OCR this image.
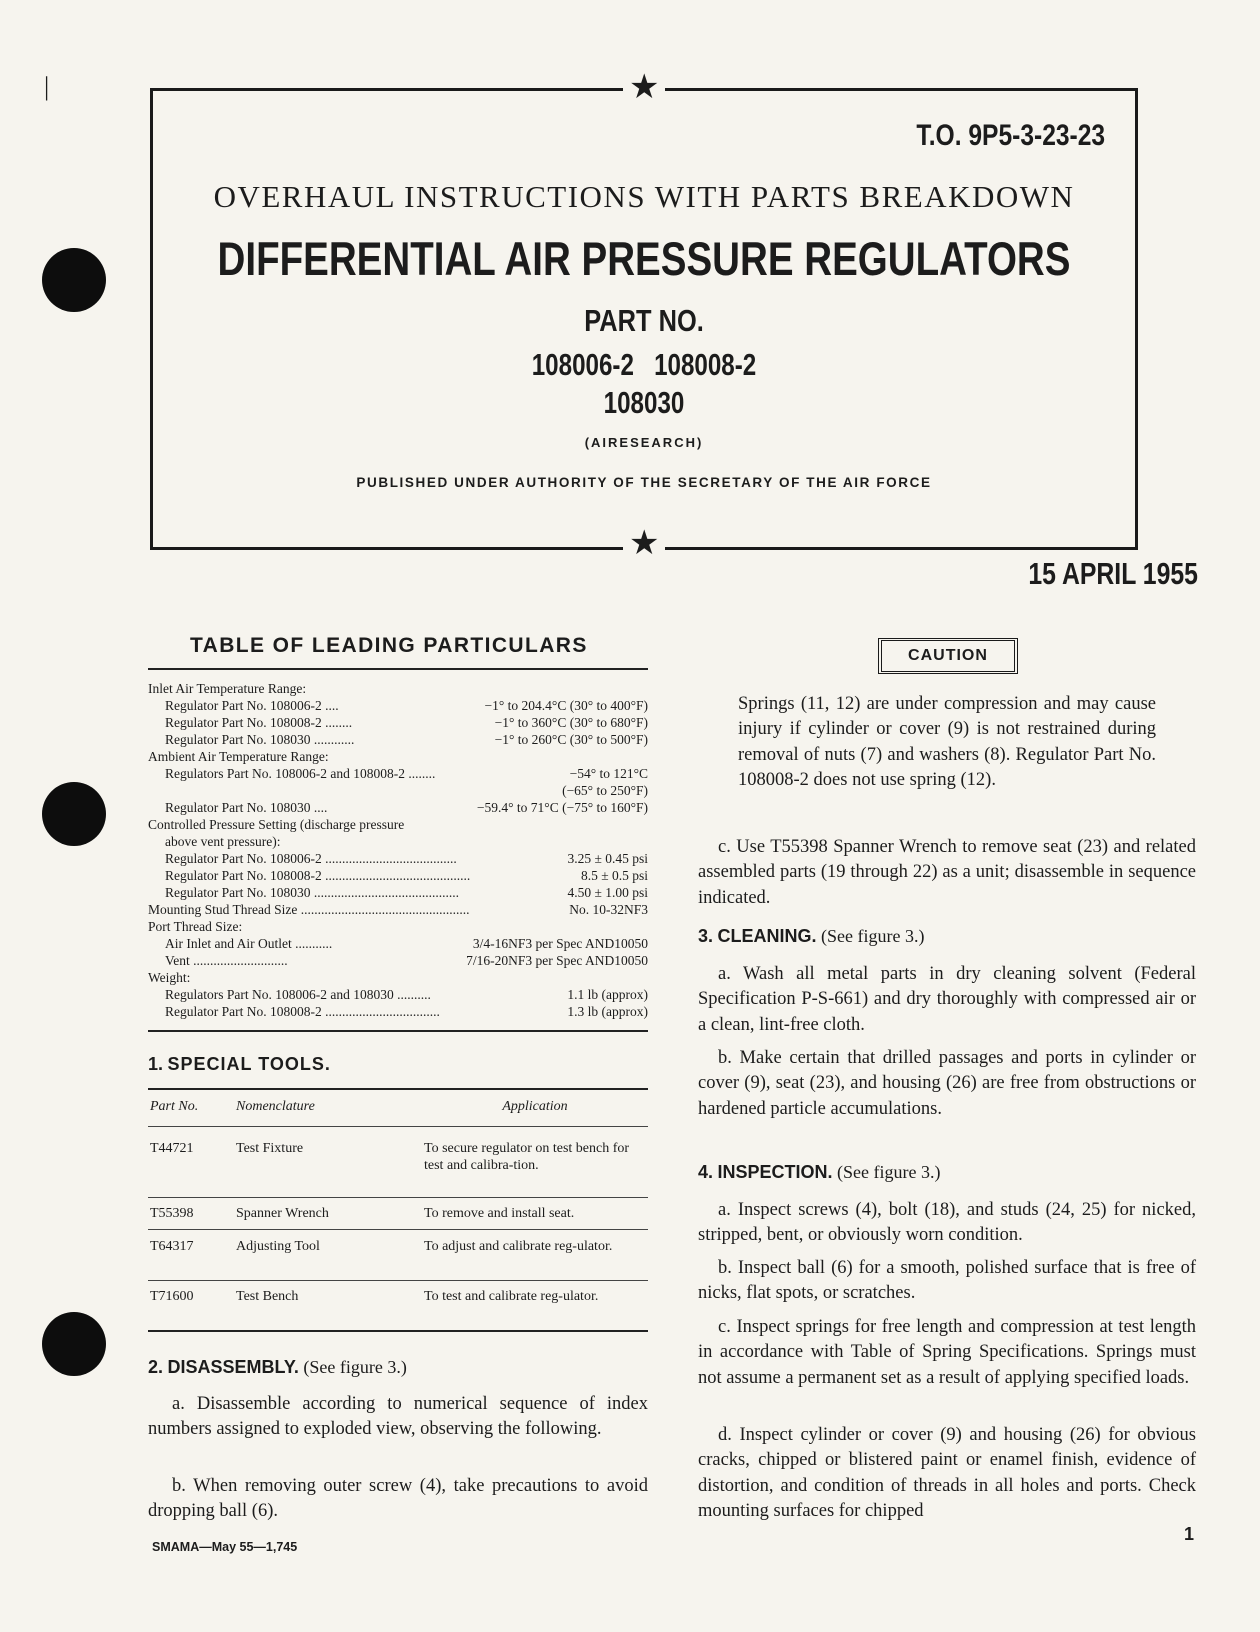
|	★
★
T.O. 9P5-3-23-23
OVERHAUL INSTRUCTIONS WITH PARTS BREAKDOWN
DIFFERENTIAL AIR PRESSURE REGULATORS
PART NO.
108006-2   108008-2
108030
(AIRESEARCH)
PUBLISHED UNDER AUTHORITY OF THE SECRETARY OF THE AIR FORCE
15 APRIL 1955
TABLE OF LEADING PARTICULARS
Inlet Air Temperature Range:
Regulator Part No. 108006-2 ....	−1° to 204.4°C (30° to 400°F)
Regulator Part No. 108008-2 ........	−1° to 360°C (30° to 680°F)
Regulator Part No. 108030 ............	−1° to 260°C (30° to 500°F)
Ambient Air Temperature Range:
Regulators Part No. 108006-2 and 108008-2 ........	−54° to 121°C
(−65° to 250°F)
Regulator Part No. 108030 ....	−59.4° to 71°C (−75° to 160°F)
Controlled Pressure Setting (discharge pressure
above vent pressure):
Regulator Part No. 108006-2 .......................................	3.25 ± 0.45 psi
Regulator Part No. 108008-2 ...........................................	8.5 ± 0.5 psi
Regulator Part No. 108030 ...........................................	4.50 ± 1.00 psi
Mounting Stud Thread Size ..................................................	No. 10-32NF3
Port Thread Size:
Air Inlet and Air Outlet ...........	3/4-16NF3 per Spec AND10050
Vent ............................	7/16-20NF3 per Spec AND10050
Weight:
Regulators Part No. 108006-2 and 108030 ..........	1.1 lb (approx)
Regulator Part No. 108008-2 ..................................	1.3 lb (approx)
1. SPECIAL TOOLS.
Part No.	Nomenclature	Application
T44721	Test Fixture	To secure regulator on test bench for test and calibra-tion.
T55398	Spanner Wrench	To remove and install seat.
T64317	Adjusting Tool	To adjust and calibrate reg-ulator.
T71600	Test Bench	To test and calibrate reg-ulator.
2. DISASSEMBLY. (See figure 3.)
a. Disassemble according to numerical sequence of index numbers assigned to exploded view, observing the following.
b. When removing outer screw (4), take precautions to avoid dropping ball (6).
SMAMA—May 55—1,745
CAUTION
Springs (11, 12) are under compression and may cause injury if cylinder or cover (9) is not restrained during removal of nuts (7) and washers (8). Regulator Part No. 108008-2 does not use spring (12).
c. Use T55398 Spanner Wrench to remove seat (23) and related assembled parts (19 through 22) as a unit; disassemble in sequence indicated.
3. CLEANING. (See figure 3.)
a. Wash all metal parts in dry cleaning solvent (Federal Specification P-S-661) and dry thoroughly with compressed air or a clean, lint-free cloth.
b. Make certain that drilled passages and ports in cylinder or cover (9), seat (23), and housing (26) are free from obstructions or hardened particle accumulations.
4. INSPECTION. (See figure 3.)
a. Inspect screws (4), bolt (18), and studs (24, 25) for nicked, stripped, bent, or obviously worn condition.
b. Inspect ball (6) for a smooth, polished surface that is free of nicks, flat spots, or scratches.
c. Inspect springs for free length and compression at test length in accordance with Table of Spring Specifications. Springs must not assume a permanent set as a result of applying specified loads.
d. Inspect cylinder or cover (9) and housing (26) for obvious cracks, chipped or blistered paint or enamel finish, evidence of distortion, and condition of threads in all holes and ports. Check mounting surfaces for chipped
1
